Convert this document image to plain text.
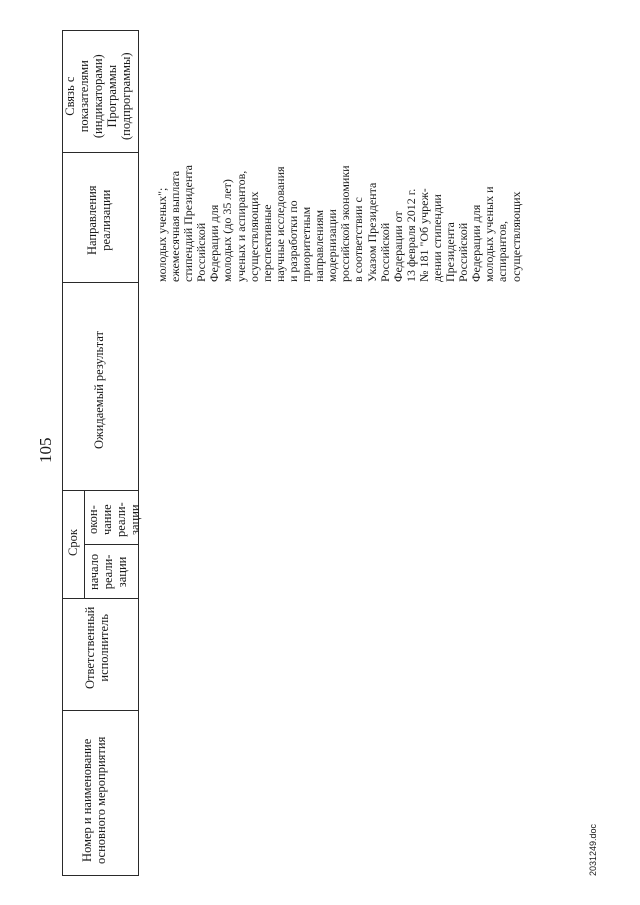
105
Номер и наименование основного мероприятия
Ответственный исполнитель
Срок
начало реали- зации
окон- чание реали- зации
Ожидаемый результат
Направления реализации
Связь с показателями (индикаторами) Программы (подпрограммы)
молодых ученых"; ежемесячная выплата стипендий Президента Российской Федерации для молодых (до 35 лет) ученых и аспирантов, осуществляющих перспективные научные исследования и разработки по приоритетным направлениям модернизации российской экономики в соответствии с Указом Президента Российской Федерации от 13 февраля 2012 г. № 181 "Об учреж- дении стипендии Президента Российской Федерации для молодых ученых и аспирантов, осуществляющих
2031249.doc
